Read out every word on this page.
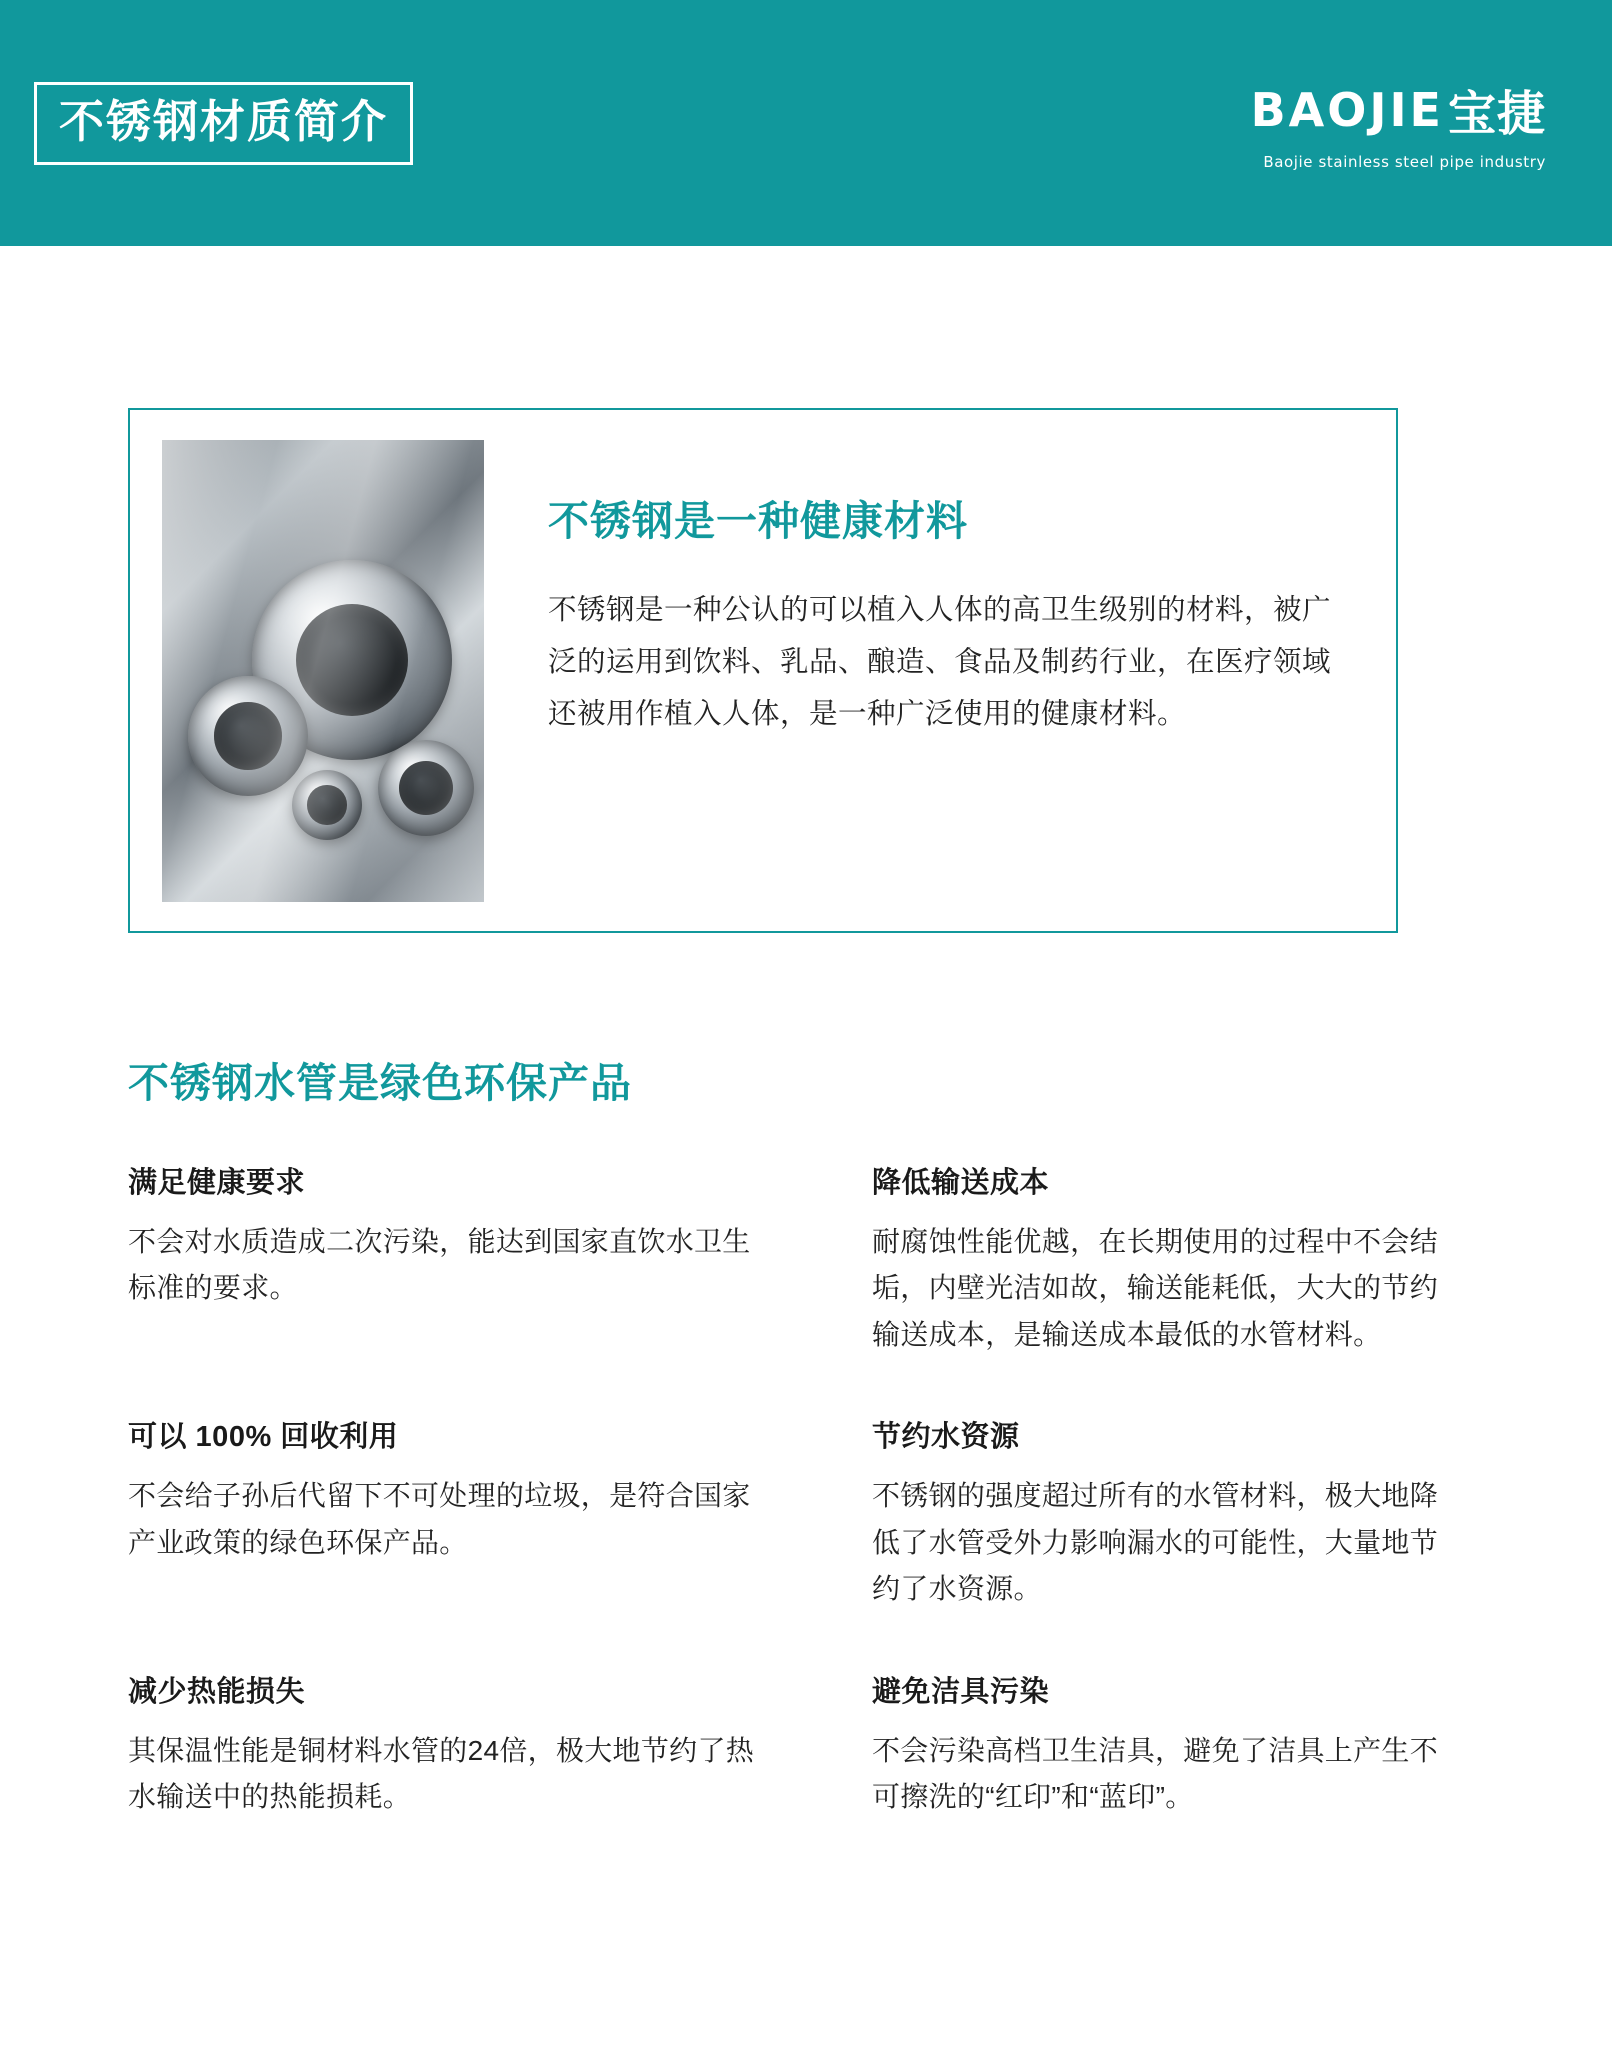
不锈钢材质简介	BAOJIE 宝捷
Baojie stainless steel pipe industry
不锈钢是一种健康材料
不锈钢是一种公认的可以植入人体的高卫生级别的材料，被广泛的运用到饮料、乳品、酿造、食品及制药行业，在医疗领域还被用作植入人体，是一种广泛使用的健康材料。
不锈钢水管是绿色环保产品
满足健康要求
不会对水质造成二次污染，能达到国家直饮水卫生标准的要求。
降低输送成本
耐腐蚀性能优越，在长期使用的过程中不会结垢，内壁光洁如故，输送能耗低，大大的节约输送成本，是输送成本最低的水管材料。
可以 100% 回收利用
不会给子孙后代留下不可处理的垃圾，是符合国家产业政策的绿色环保产品。
节约水资源
不锈钢的强度超过所有的水管材料，极大地降低了水管受外力影响漏水的可能性，大量地节约了水资源。
减少热能损失
其保温性能是铜材料水管的24倍，极大地节约了热水输送中的热能损耗。
避免洁具污染
不会污染高档卫生洁具，避免了洁具上产生不可擦洗的“红印”和“蓝印”。
